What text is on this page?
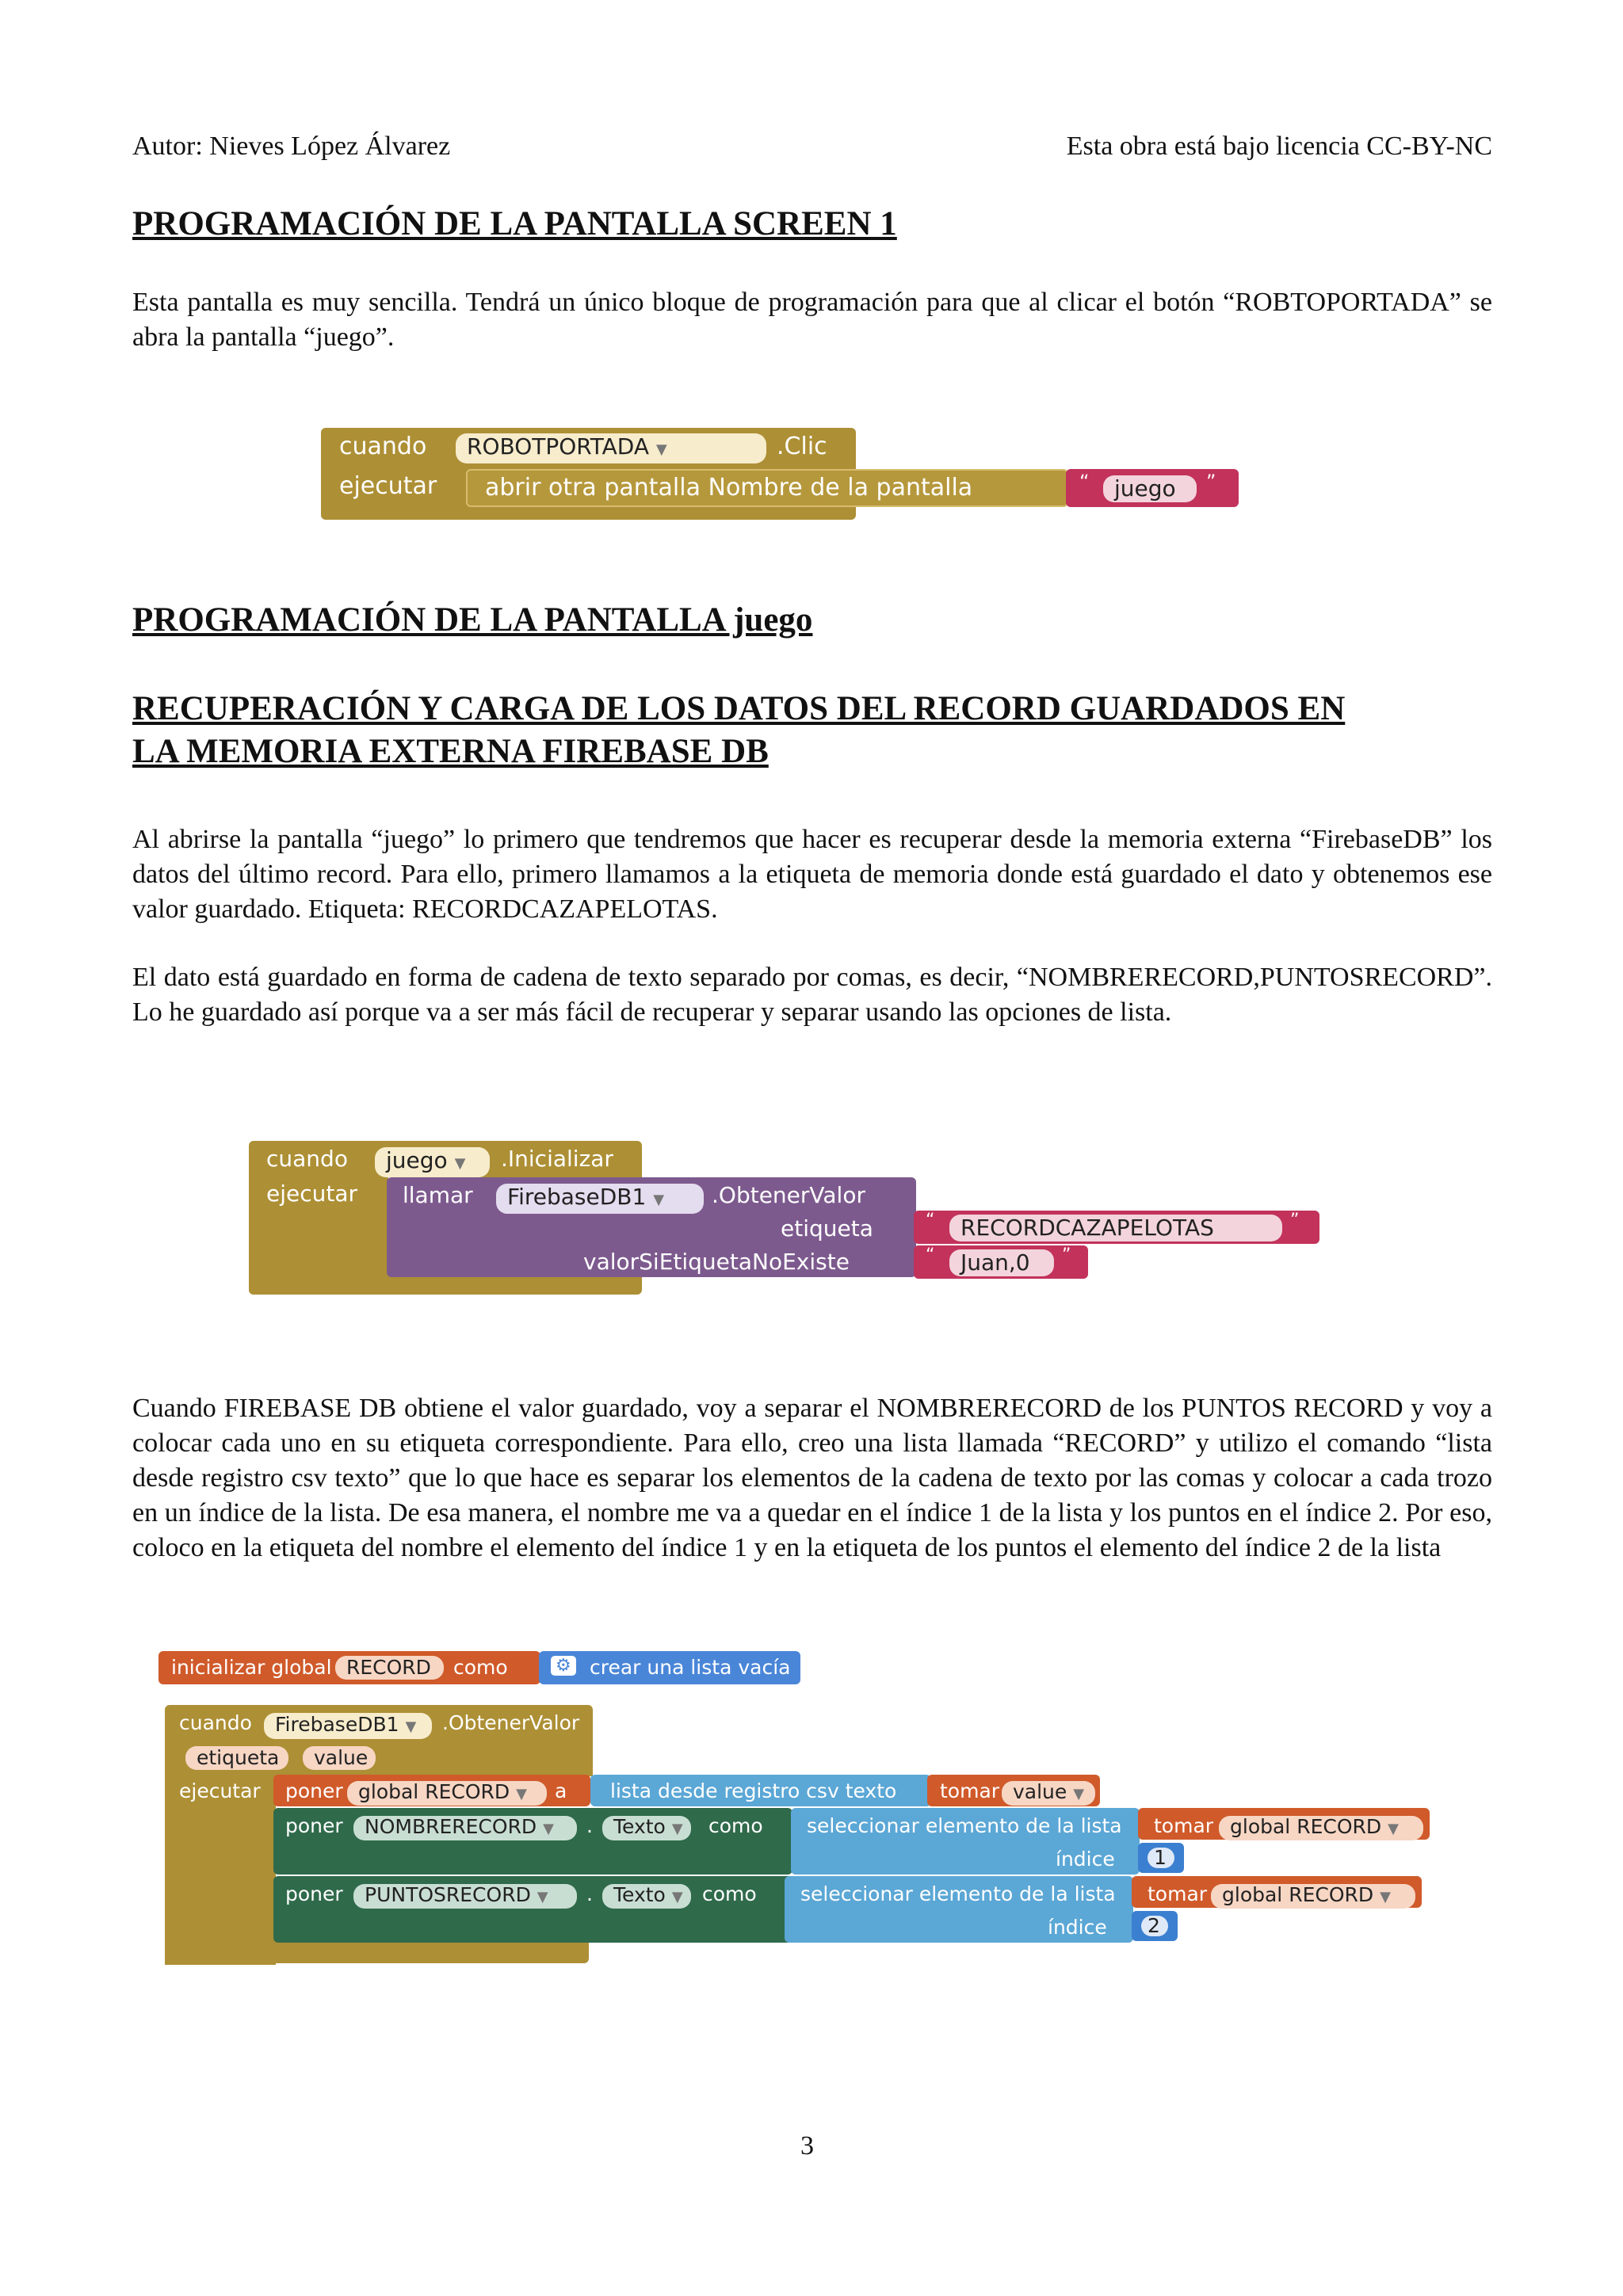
Autor: Nieves López Álvarez	Esta obra está bajo licencia CC-BY-NC
PROGRAMACIÓN DE LA PANTALLA SCREEN 1
Esta pantalla es muy sencilla. Tendrá un único bloque de programación para que al clicar el botón “ROBTOPORTADA” se abra la pantalla “juego”.
cuando	ROBOTPORTADA ▼	.Clic
ejecutar abrir otra pantalla Nombre de la pantalla	“	juego	”
PROGRAMACIÓN DE LA PANTALLA juego
RECUPERACIÓN Y CARGA DE LOS DATOS DEL RECORD GUARDADOS EN
LA MEMORIA EXTERNA FIREBASE DB
Al abrirse la pantalla “juego” lo primero que tendremos que hacer es recuperar desde la memoria externa “FirebaseDB” los datos del último record. Para ello, primero llamamos a la etiqueta de memoria donde está guardado el dato y obtenemos ese valor guardado. Etiqueta: RECORDCAZAPELOTAS.
El dato está guardado en forma de cadena de texto separado por comas, es decir, “NOMBRERECORD,PUNTOSRECORD”. Lo he guardado así porque va a ser más fácil de recuperar y separar usando las opciones de lista.
cuando	juego ▼	.Inicializar
ejecutar llamar	FirebaseDB1 ▼	.ObtenerValor
etiqueta
valorSiEtiquetaNoExiste
“	RECORDCAZAPELOTAS	”
“	Juan,0	”
Cuando FIREBASE DB obtiene el valor guardado, voy a separar el NOMBRERECORD de los PUNTOS RECORD y voy a colocar cada uno en su etiqueta correspondiente. Para ello, creo una lista llamada “RECORD” y utilizo el comando “lista desde registro csv texto” que lo que hace es separar los elementos de la cadena de texto por las comas y colocar a cada trozo en un índice de la lista. De esa manera, el nombre me va a quedar en el índice 1 de la lista y los puntos en el índice 2. Por eso, coloco en la etiqueta del nombre el elemento del índice 1 y en la etiqueta de los puntos el elemento del índice 2 de la lista
inicializar global RECORD	como	⚙ crear una lista vacía
cuando	FirebaseDB1 ▼	.ObtenerValor
etiqueta	value
ejecutar poner global RECORD ▼	a lista desde registro csv texto tomar value ▼
poner	NOMBRERECORD ▼	.	Texto ▼	como seleccionar elemento de la lista
índice
tomar global RECORD ▼
1
poner	PUNTOSRECORD ▼	.	Texto ▼ como seleccionar elemento de la lista
índice
tomar global RECORD ▼
2
3
